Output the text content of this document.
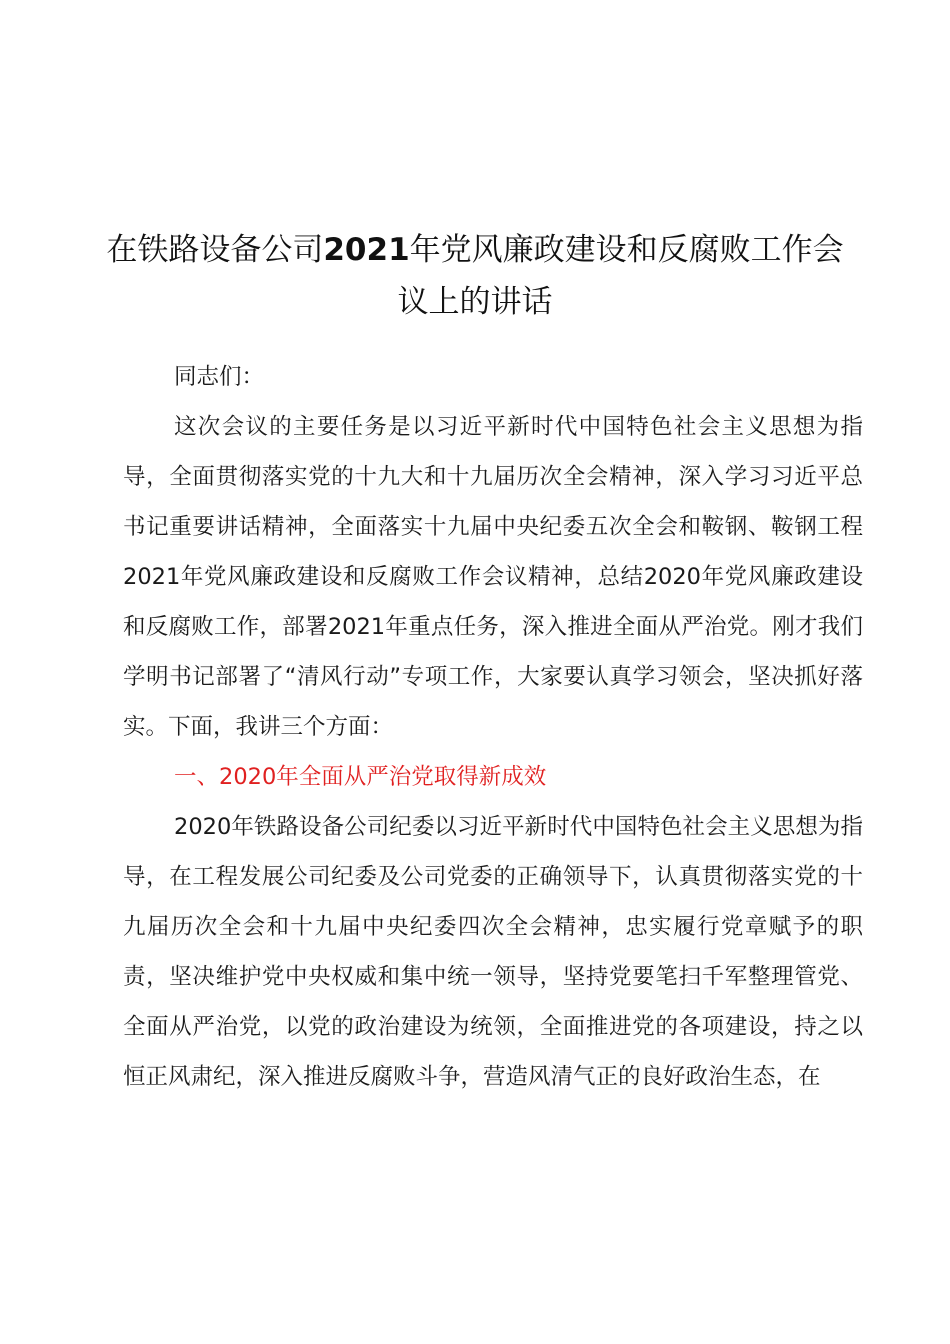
在铁路设备公司2021年党风廉政建设和反腐败工作会议上的讲话

同志们：

这次会议的主要任务是以习近平新时代中国特色社会主义思想为指导，全面贯彻落实党的十九大和十九届历次全会精神，深入学习习近平总书记重要讲话精神，全面落实十九届中央纪委五次全会和鞍钢、鞍钢工程2021年党风廉政建设和反腐败工作会议精神，总结2020年党风廉政建设和反腐败工作，部署2021年重点任务，深入推进全面从严治党。刚才我们学明书记部署了“清风行动”专项工作，大家要认真学习领会，坚决抓好落实。下面，我讲三个方面：

一、2020年全面从严治党取得新成效

2020年铁路设备公司纪委以习近平新时代中国特色社会主义思想为指导，在工程发展公司纪委及公司党委的正确领导下，认真贯彻落实党的十九届历次全会和十九届中央纪委四次全会精神，忠实履行党章赋予的职责，坚决维护党中央权威和集中统一领导，坚持党要笔扫千军整理管党、全面从严治党，以党的政治建设为统领，全面推进党的各项建设，持之以恒正风肃纪，深入推进反腐败斗争，营造风清气正的良好政治生态，在
